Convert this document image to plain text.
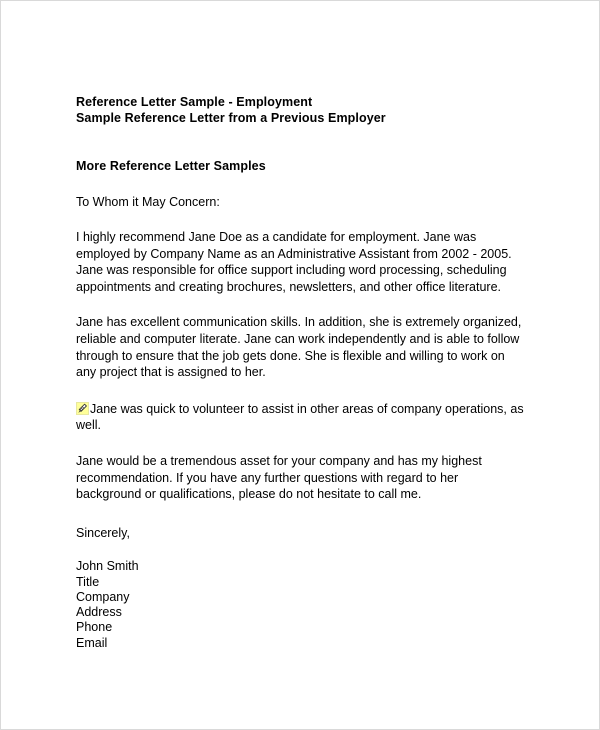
Reference Letter Sample - Employment
Sample Reference Letter from a Previous Employer
More Reference Letter Samples
To Whom it May Concern:

I highly recommend Jane Doe as a candidate for employment. Jane was employed by Company Name as an Administrative Assistant from 2002 - 2005. Jane was responsible for office support including word processing, scheduling appointments and creating brochures, newsletters, and other office literature.

Jane has excellent communication skills. In addition, she is extremely organized, reliable and computer literate. Jane can work independently and is able to follow through to ensure that the job gets done. She is flexible and willing to work on any project that is assigned to her.

Jane was quick to volunteer to assist in other areas of company operations, as well.

Jane would be a tremendous asset for your company and has my highest recommendation. If you have any further questions with regard to her background or qualifications, please do not hesitate to call me.

Sincerely,
John Smith
Title
Company
Address
Phone
Email
